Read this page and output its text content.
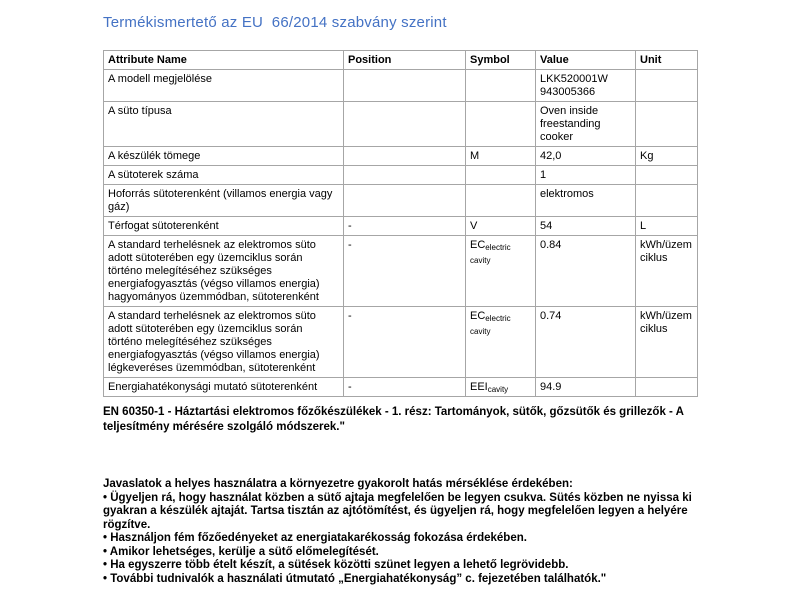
Termékismertető az EU  66/2014 szabvány szerint
Attribute Name	Position	Symbol	Value	Unit
A modell megjelölése			LKK520001W 943005366	
A süto típusa			Oven inside freestanding cooker	
A készülék tömege		M	42,0	Kg
A sütoterek száma			1	
Hoforrás sütoterenként (villamos energia vagy gáz)			elektromos	
Térfogat sütoterenként	-	V	54	L
A standard terhelésnek az elektromos süto adott sütoterében egy üzemciklus során történo melegítéséhez szükséges energiafogyasztás (végso villamos energia) hagyományos üzemmódban, sütoterenként	-	ECelectric cavity	0.84	kWh/üzem ciklus
A standard terhelésnek az elektromos süto adott sütoterében egy üzemciklus során történo melegítéséhez szükséges energiafogyasztás (végso villamos energia) légkeveréses üzemmódban, sütoterenként	-	ECelectric cavity	0.74	kWh/üzem ciklus
Energiahatékonysági mutató sütoterenként	-	EEIcavity	94.9	
EN 60350-1 - Háztartási elektromos főzőkészülékek - 1. rész: Tartományok, sütők, gőzsütők és grillezők - A teljesítmény mérésére szolgáló módszerek."
Javaslatok a helyes használatra a környezetre gyakorolt hatás mérséklése érdekében:
• Ügyeljen rá, hogy használat közben a sütő ajtaja megfelelően be legyen csukva. Sütés közben ne nyissa ki gyakran a készülék ajtaját. Tartsa tisztán az ajtótömítést, és ügyeljen rá, hogy megfelelően legyen a helyére rögzítve.
• Használjon fém főzőedényeket az energiatakarékosság fokozása érdekében.
• Amikor lehetséges, kerülje a sütő előmelegítését.
• Ha egyszerre több ételt készít, a sütések közötti szünet legyen a lehető legrövidebb.
• További tudnivalók a használati útmutató „Energiahatékonyság” c. fejezetében találhatók."
